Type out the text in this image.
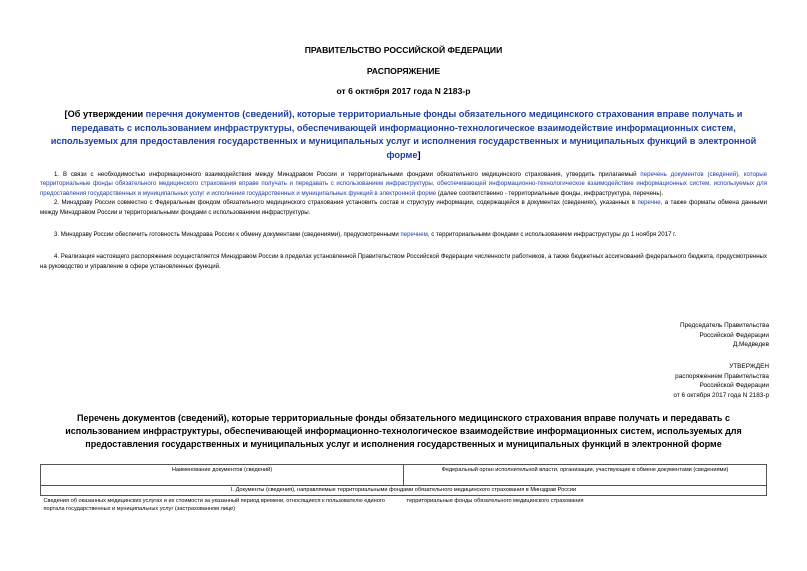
ПРАВИТЕЛЬСТВО РОССИЙСКОЙ ФЕДЕРАЦИИ
РАСПОРЯЖЕНИЕ
от 6 октября 2017 года N 2183-р
[Об утверждении перечня документов (сведений), которые территориальные фонды обязательного медицинского страхования вправе получать и передавать с использованием инфраструктуры, обеспечивающей информационно-технологическое взаимодействие информационных систем, используемых для предоставления государственных и муниципальных услуг и исполнения государственных и муниципальных функций в электронной форме]

1. В связи с необходимостью информационного взаимодействия между Минздравом России и территориальными фондами обязательного медицинского страхования, утвердить прилагаемый перечень документов (сведений), которые территориальные фонды обязательного медицинского страхования вправе получать и передавать с использованием инфраструктуры, обеспечивающей информационно-технологическое взаимодействие информационных систем, используемых для предоставления государственных и муниципальных услуг и исполнения государственных и муниципальных функций в электронной форме (далее соответственно - территориальные фонды, инфраструктура, перечень).

2. Минздраву России совместно с Федеральным фондом обязательного медицинского страхования установить состав и структуру информации, содержащейся в документах (сведениях), указанных в перечне, а также форматы обмена данными между Минздравом России и территориальными фондами с использованием инфраструктуры.

3. Минздраву России обеспечить готовность Минздрава России к обмену документами (сведениями), предусмотренными перечнем, с территориальными фондами с использованием инфраструктуры до 1 ноября 2017 г.

4. Реализация настоящего распоряжения осуществляется Минздравом России в пределах установленной Правительством Российской Федерации численности работников, а также бюджетных ассигнований федерального бюджета, предусмотренных на руководство и управление в сфере установленных функций.

Председатель Правительства
Российской Федерации
Д.Медведев
УТВЕРЖДЕН
распоряжением Правительства
Российской Федерации
от 6 октября 2017 года N 2183-р
Перечень документов (сведений), которые территориальные фонды обязательного медицинского страхования вправе получать и передавать с использованием инфраструктуры, обеспечивающей информационно-технологическое взаимодействие информационных систем, используемых для предоставления государственных и муниципальных услуг и исполнения государственных и муниципальных функций в электронной форме
Наименование документов (сведений)	Федеральный орган исполнительной власти, организации, участвующие в обмене документами (сведениями)
I. Документы (сведения), направляемые территориальными фондами обязательного медицинского страхования в Минздрав России	
Сведения об оказанных медицинских услугах и их стоимости за указанный период времени, относящиеся к пользователю единого портала государственных и муниципальных услуг (застрахованном лице)	территориальные фонды обязательного медицинского страхования
